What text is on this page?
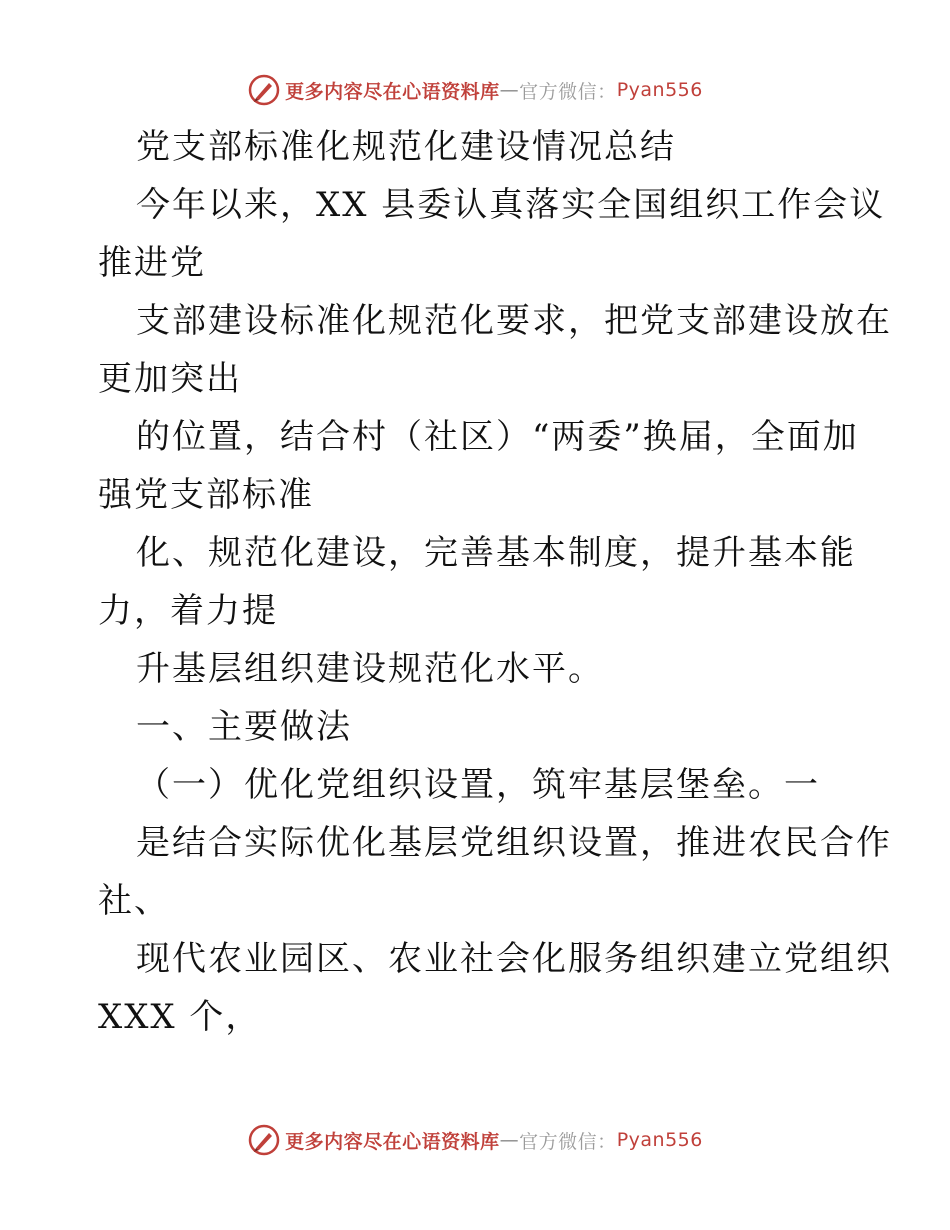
更多内容尽在心语资料库 — 官方微信： Pyan556
党支部标准化规范化建设情况总结
今年以来，XX 县委认真落实全国组织工作会议
推进党
支部建设标准化规范化要求，把党支部建设放在
更加突出
的位置，结合村（社区）“两委”换届，全面加
强党支部标准
化、规范化建设，完善基本制度，提升基本能
力，着力提
升基层组织建设规范化水平。
一、主要做法
（一）优化党组织设置，筑牢基层堡垒。一
是结合实际优化基层党组织设置，推进农民合作
社、
现代农业园区、农业社会化服务组织建立党组织
XXX 个，
更多内容尽在心语资料库 — 官方微信： Pyan556
